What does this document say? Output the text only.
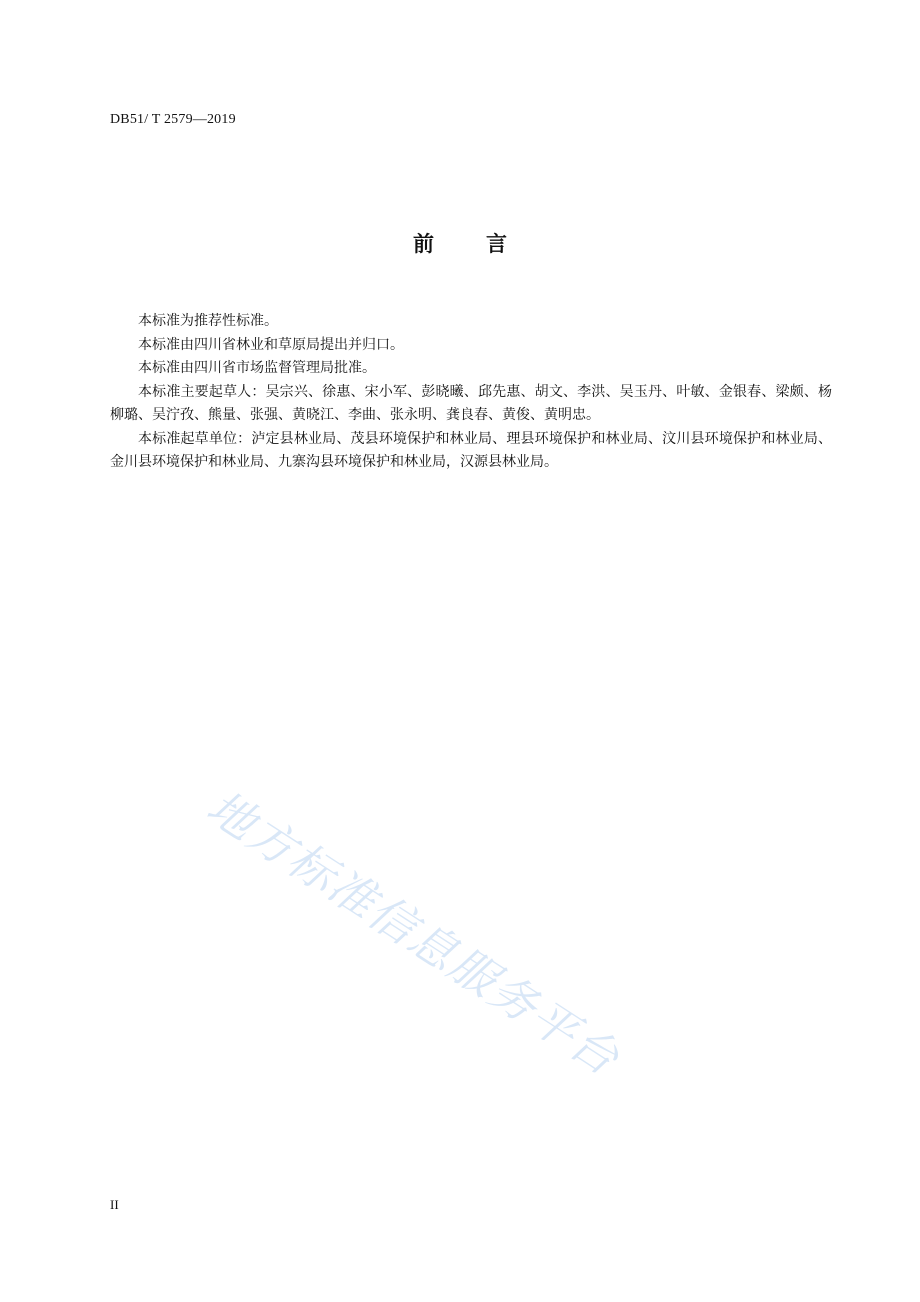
DB51/ T 2579—2019
前 言

本标准为推荐性标准。

本标准由四川省林业和草原局提出并归口。

本标准由四川省市场监督管理局批准。

本标准主要起草人：吴宗兴、徐惠、宋小军、彭晓曦、邱先惠、胡文、李洪、吴玉丹、叶敏、金银春、梁颇、杨柳璐、吴泞孜、熊量、张强、黄晓江、李曲、张永明、龚良春、黄俊、黄明忠。

本标准起草单位：泸定县林业局、茂县环境保护和林业局、理县环境保护和林业局、汶川县环境保护和林业局、金川县环境保护和林业局、九寨沟县环境保护和林业局，汉源县林业局。

地方标准信息服务平台
II
